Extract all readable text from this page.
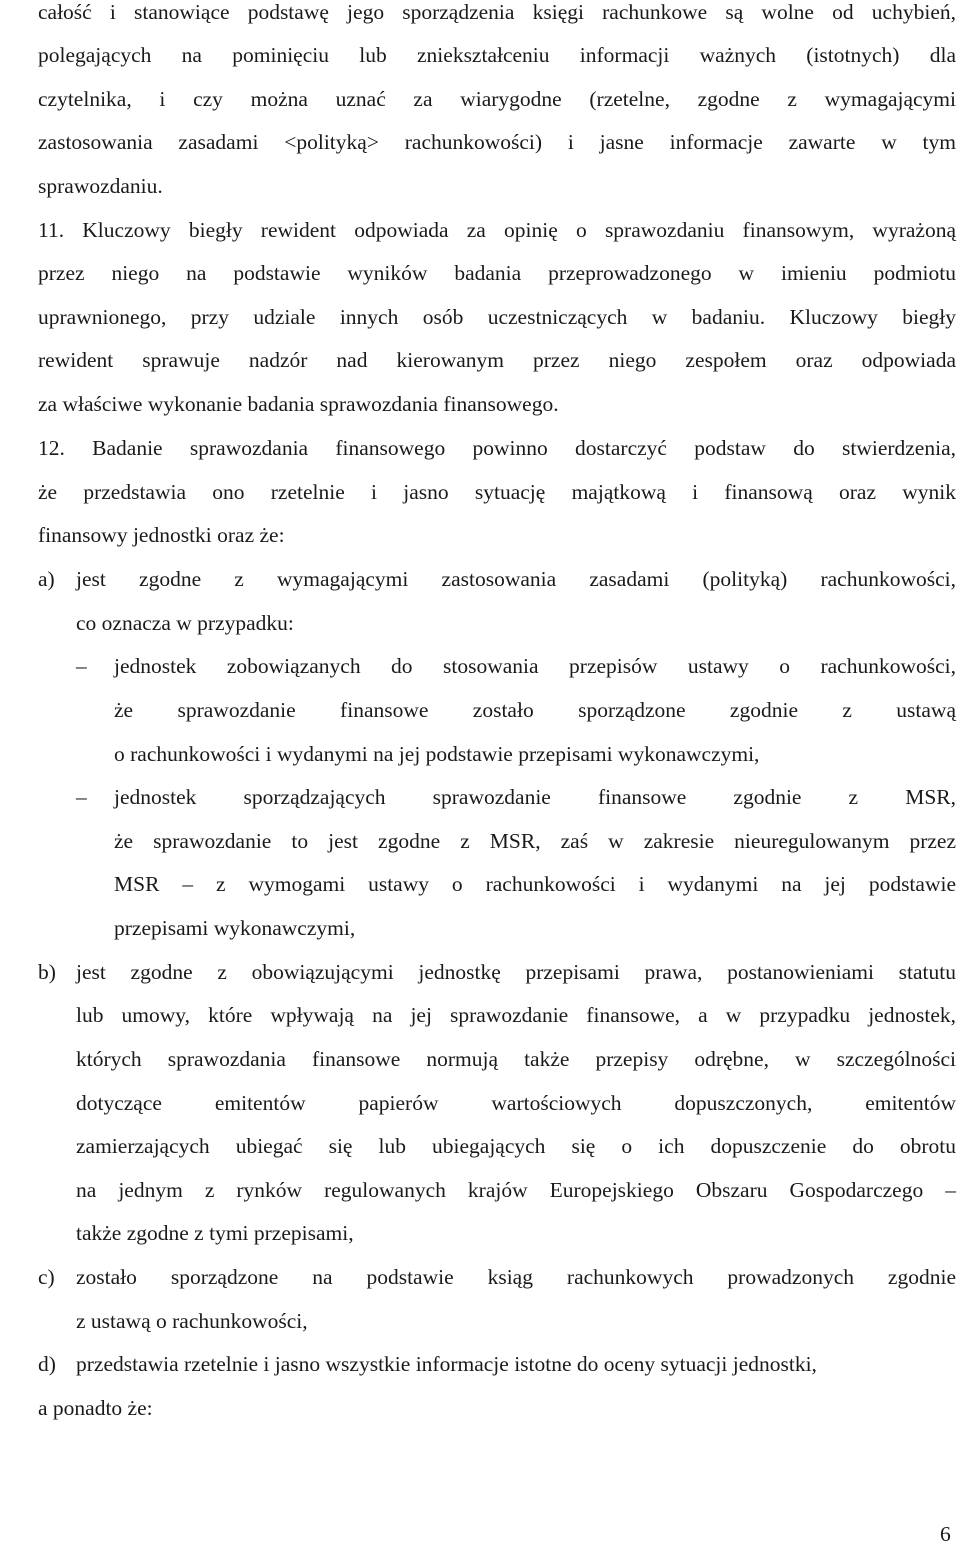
całość i stanowiące podstawę jego sporządzenia księgi rachunkowe są wolne od uchybień,
polegających na pominięciu lub zniekształceniu informacji ważnych (istotnych) dla
czytelnika, i czy można uznać za wiarygodne (rzetelne, zgodne z wymagającymi
zastosowania zasadami <polityką> rachunkowości) i jasne informacje zawarte w tym
sprawozdaniu.
11. Kluczowy biegły rewident odpowiada za opinię o sprawozdaniu finansowym, wyrażoną
przez niego na podstawie wyników badania przeprowadzonego w imieniu podmiotu
uprawnionego, przy udziale innych osób uczestniczących w badaniu. Kluczowy biegły
rewident sprawuje nadzór nad kierowanym przez niego zespołem oraz odpowiada
za właściwe wykonanie badania sprawozdania finansowego.
12. Badanie sprawozdania finansowego powinno dostarczyć podstaw do stwierdzenia,
że przedstawia ono rzetelnie i jasno sytuację majątkową i finansową oraz wynik
finansowy jednostki oraz że:
a) jest zgodne z wymagającymi zastosowania zasadami (polityką) rachunkowości,
co oznacza w przypadku:
– jednostek zobowiązanych do stosowania przepisów ustawy o rachunkowości,
że sprawozdanie finansowe zostało sporządzone zgodnie z ustawą
o rachunkowości i wydanymi na jej podstawie przepisami wykonawczymi,
– jednostek sporządzających sprawozdanie finansowe zgodnie z MSR,
że sprawozdanie to jest zgodne z MSR, zaś w zakresie nieuregulowanym przez
MSR – z wymogami ustawy o rachunkowości i wydanymi na jej podstawie
przepisami wykonawczymi,
b) jest zgodne z obowiązującymi jednostkę przepisami prawa, postanowieniami statutu
lub umowy, które wpływają na jej sprawozdanie finansowe, a w przypadku jednostek,
których sprawozdania finansowe normują także przepisy odrębne, w szczególności
dotyczące emitentów papierów wartościowych dopuszczonych, emitentów
zamierzających ubiegać się lub ubiegających się o ich dopuszczenie do obrotu
na jednym z rynków regulowanych krajów Europejskiego Obszaru Gospodarczego –
także zgodne z tymi przepisami,
c) zostało sporządzone na podstawie ksiąg rachunkowych prowadzonych zgodnie
z ustawą o rachunkowości,
d) przedstawia rzetelnie i jasno wszystkie informacje istotne do oceny sytuacji jednostki,
a ponadto że:
6
